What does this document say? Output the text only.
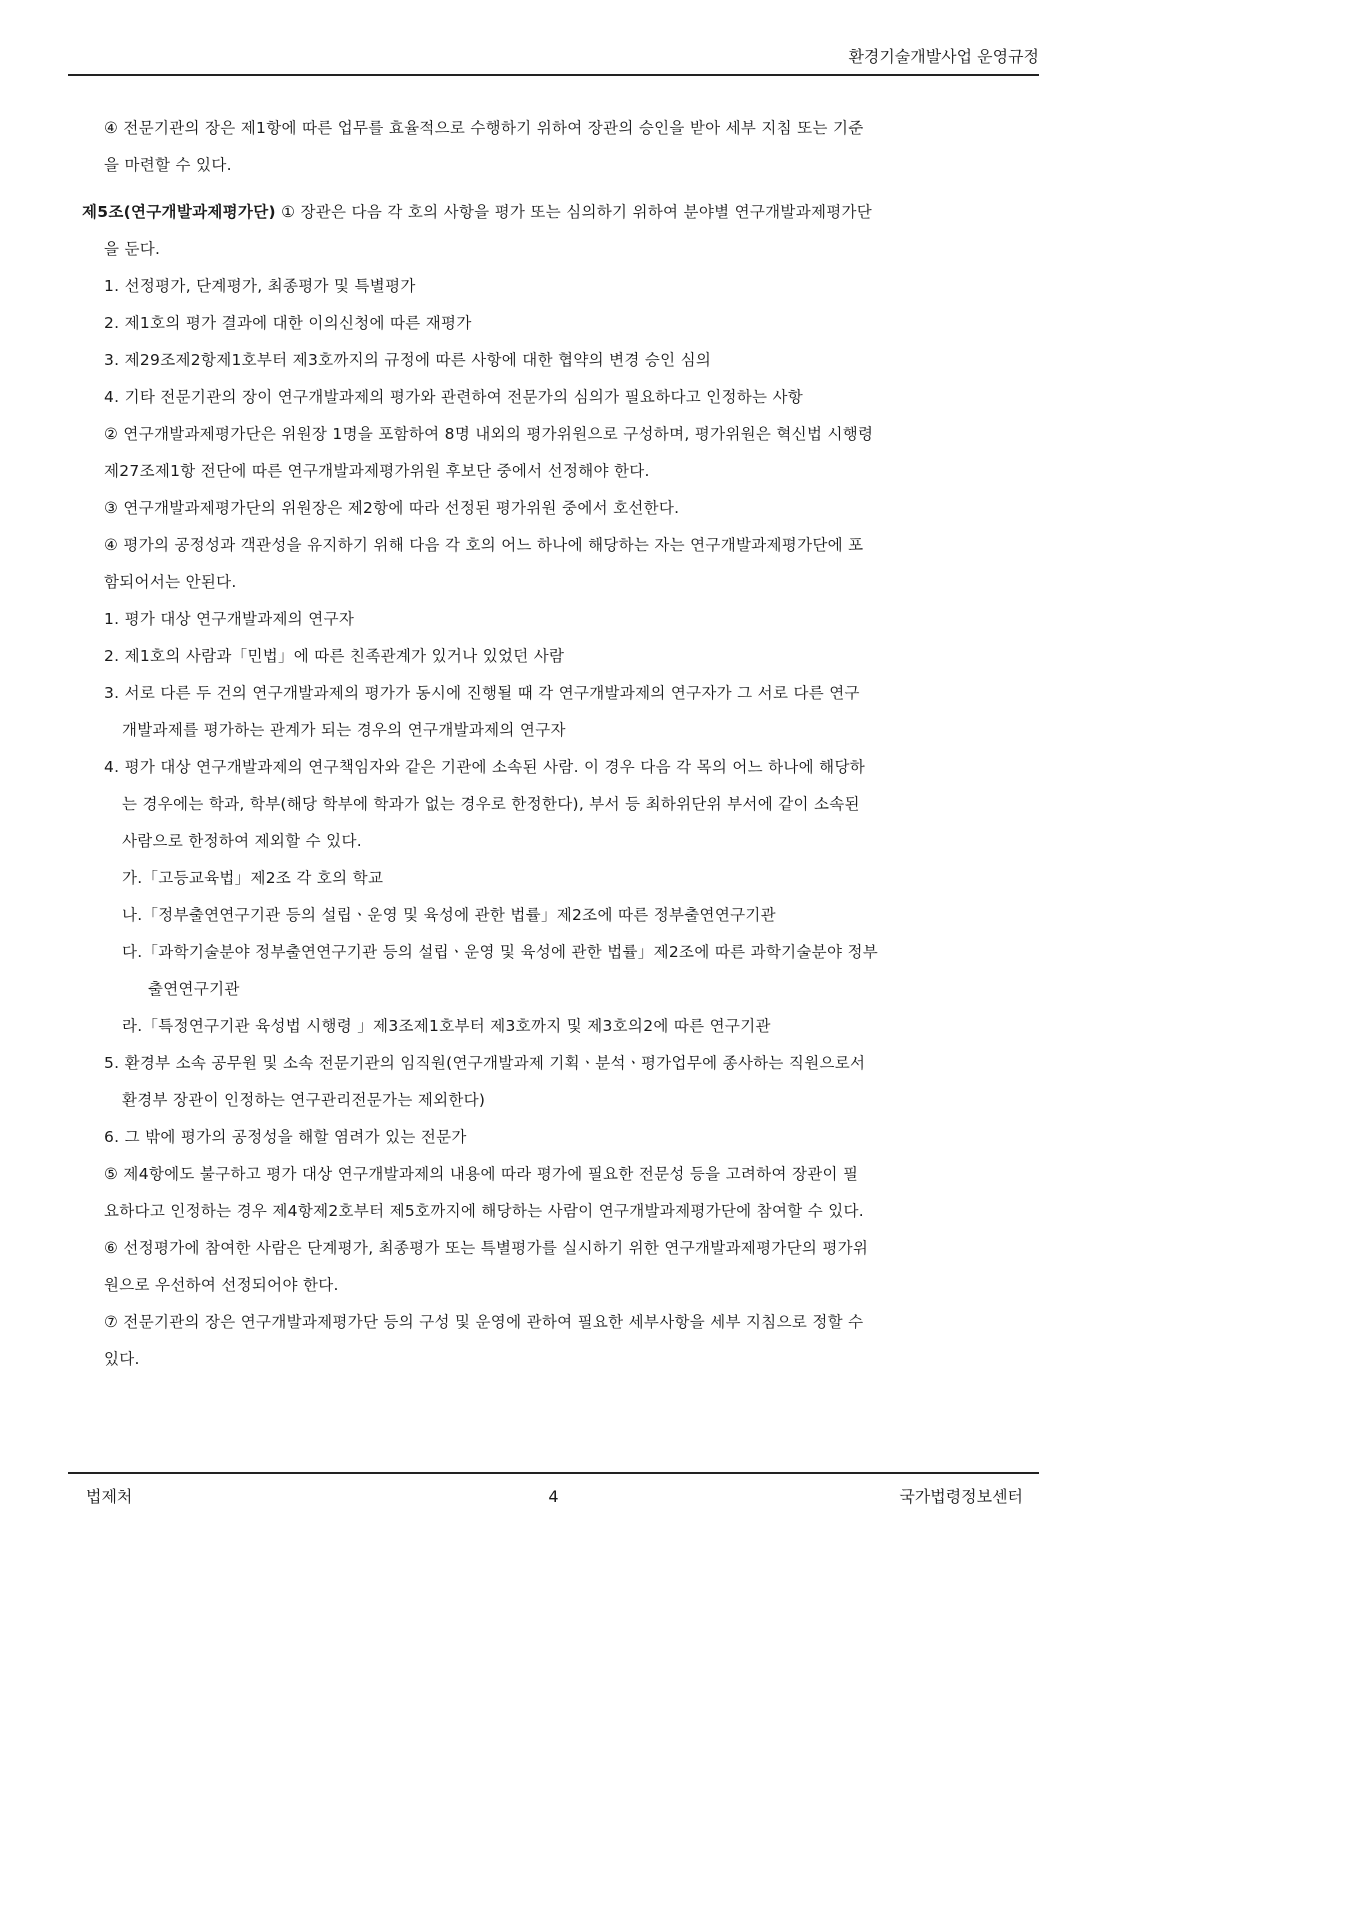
환경기술개발사업 운영규정

④ 전문기관의 장은 제1항에 따른 업무를 효율적으로 수행하기 위하여 장관의 승인을 받아 세부 지침 또는 기준

을 마련할 수 있다.

제5조(연구개발과제평가단) ① 장관은 다음 각 호의 사항을 평가 또는 심의하기 위하여 분야별 연구개발과제평가단

을 둔다.

1. 선정평가, 단계평가, 최종평가 및 특별평가

2. 제1호의 평가 결과에 대한 이의신청에 따른 재평가

3. 제29조제2항제1호부터 제3호까지의 규정에 따른 사항에 대한 협약의 변경 승인 심의

4. 기타 전문기관의 장이 연구개발과제의 평가와 관련하여 전문가의 심의가 필요하다고 인정하는 사항

② 연구개발과제평가단은 위원장 1명을 포함하여 8명 내외의 평가위원으로 구성하며, 평가위원은 혁신법 시행령

제27조제1항 전단에 따른 연구개발과제평가위원 후보단 중에서 선정해야 한다.

③ 연구개발과제평가단의 위원장은 제2항에 따라 선정된 평가위원 중에서 호선한다.

④ 평가의 공정성과 객관성을 유지하기 위해 다음 각 호의 어느 하나에 해당하는 자는 연구개발과제평가단에 포

함되어서는 안된다.

1. 평가 대상 연구개발과제의 연구자

2. 제1호의 사람과「민법」에 따른 친족관계가 있거나 있었던 사람

3. 서로 다른 두 건의 연구개발과제의 평가가 동시에 진행될 때 각 연구개발과제의 연구자가 그 서로 다른 연구

개발과제를 평가하는 관계가 되는 경우의 연구개발과제의 연구자

4. 평가 대상 연구개발과제의 연구책임자와 같은 기관에 소속된 사람. 이 경우 다음 각 목의 어느 하나에 해당하

는 경우에는 학과, 학부(해당 학부에 학과가 없는 경우로 한정한다), 부서 등 최하위단위 부서에 같이 소속된

사람으로 한정하여 제외할 수 있다.

가.「고등교육법」제2조 각 호의 학교

나.「정부출연연구기관 등의 설립ㆍ운영 및 육성에 관한 법률」제2조에 따른 정부출연연구기관

다.「과학기술분야 정부출연연구기관 등의 설립ㆍ운영 및 육성에 관한 법률」제2조에 따른 과학기술분야 정부

출연연구기관

라.「특정연구기관 육성법 시행령 」제3조제1호부터 제3호까지 및 제3호의2에 따른 연구기관

5. 환경부 소속 공무원 및 소속 전문기관의 임직원(연구개발과제 기획ㆍ분석ㆍ평가업무에 종사하는 직원으로서

환경부 장관이 인정하는 연구관리전문가는 제외한다)

6. 그 밖에 평가의 공정성을 해할 염려가 있는 전문가

⑤ 제4항에도 불구하고 평가 대상 연구개발과제의 내용에 따라 평가에 필요한 전문성 등을 고려하여 장관이 필

요하다고 인정하는 경우 제4항제2호부터 제5호까지에 해당하는 사람이 연구개발과제평가단에 참여할 수 있다.

⑥ 선정평가에 참여한 사람은 단계평가, 최종평가 또는 특별평가를 실시하기 위한 연구개발과제평가단의 평가위

원으로 우선하여 선정되어야 한다.

⑦ 전문기관의 장은 연구개발과제평가단 등의 구성 및 운영에 관하여 필요한 세부사항을 세부 지침으로 정할 수

있다.

법제처	4	국가법령정보센터
